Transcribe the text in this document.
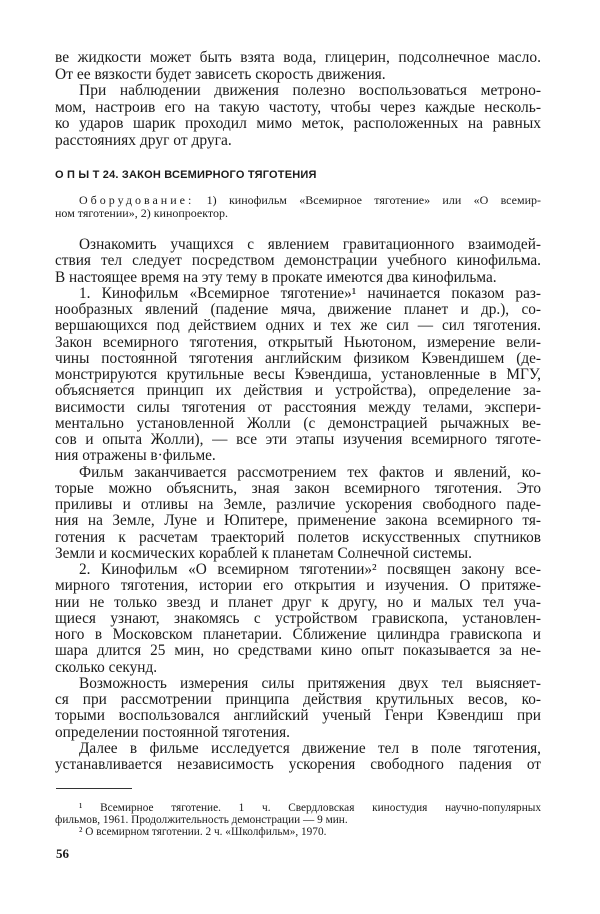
ве жидкости может быть взята вода, глицерин, подсолнечное масло.
От ее вязкости будет зависеть скорость движения.
При наблюдении движения полезно воспользоваться метроно-
мом, настроив его на такую частоту, чтобы через каждые несколь-
ко ударов шарик проходил мимо меток, расположенных на равных
расстояниях друг от друга.
О П Ы Т 24. ЗАКОН ВСЕМИРНОГО ТЯГОТЕНИЯ
Оборудование: 1) кинофильм «Всемирное тяготение» или «О всемир-
ном тяготении», 2) кинопроектор.
Ознакомить учащихся с явлением гравитационного взаимодей-
ствия тел следует посредством демонстрации учебного кинофильма.
В настоящее время на эту тему в прокате имеются два кинофильма.
1. Кинофильм «Всемирное тяготение»¹ начинается показом раз-
нообразных явлений (падение мяча, движение планет и др.), со-
вершающихся под действием одних и тех же сил — сил тяготения.
Закон всемирного тяготения, открытый Ньютоном, измерение вели-
чины постоянной тяготения английским физиком Кэвендишем (де-
монстрируются крутильные весы Кэвендиша, установленные в МГУ,
объясняется принцип их действия и устройства), определение за-
висимости силы тяготения от расстояния между телами, экспери-
ментально установленной Жолли (с демонстрацией рычажных ве-
сов и опыта Жолли), — все эти этапы изучения всемирного тяготе-
ния отражены в·фильме.
Фильм заканчивается рассмотрением тех фактов и явлений, ко-
торые можно объяснить, зная закон всемирного тяготения. Это
приливы и отливы на Земле, различие ускорения свободного паде-
ния на Земле, Луне и Юпитере, применение закона всемирного тя-
готения к расчетам траекторий полетов искусственных спутников
Земли и космических кораблей к планетам Солнечной системы.
2. Кинофильм «О всемирном тяготении»² посвящен закону все-
мирного тяготения, истории его открытия и изучения. О притяже-
нии не только звезд и планет друг к другу, но и малых тел уча-
щиеся узнают, знакомясь с устройством гравископа, установлен-
ного в Московском планетарии. Сближение цилиндра гравископа и
шара длится 25 мин, но средствами кино опыт показывается за не-
сколько секунд.
Возможность измерения силы притяжения двух тел выясняет-
ся при рассмотрении принципа действия крутильных весов, ко-
торыми воспользовался английский ученый Генри Кэвендиш при
определении постоянной тяготения.
Далее в фильме исследуется движение тел в поле тяготения,
устанавливается независимость ускорения свободного падения от
¹ Всемирное тяготение. 1 ч. Свердловская киностудия научно-популярных
фильмов, 1961. Продолжительность демонстрации — 9 мин.
² О всемирном тяготении. 2 ч. «Школфильм», 1970.
56
